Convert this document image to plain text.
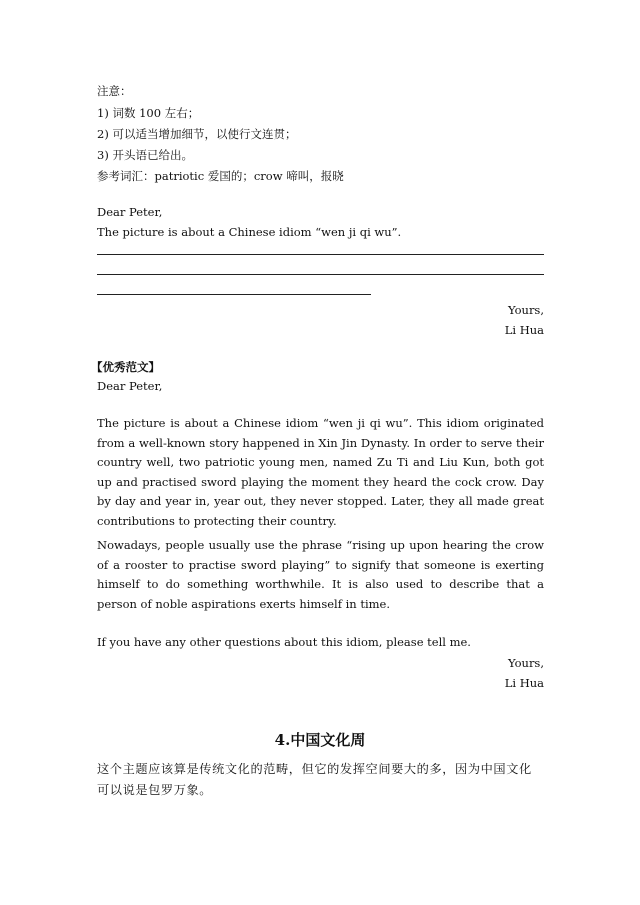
注意：
1) 词数 100 左右；
2) 可以适当增加细节，以使行文连贯；
3) 开头语已给出。
参考词汇：patriotic 爱国的；crow 啼叫，报晓
Dear Peter,
The picture is about a Chinese idiom “wen ji qi wu”.
Yours,
Li Hua
【优秀范文】
Dear Peter,
The picture is about a Chinese idiom “wen ji qi wu”. This idiom originated from a well-known story happened in Xin Jin Dynasty. In order to serve their country well, two patriotic young men, named Zu Ti and Liu Kun, both got up and practised sword playing the moment they heard the cock crow. Day by day and year in, year out, they never stopped. Later, they all made great contributions to protecting their country.
Nowadays, people usually use the phrase “rising up upon hearing the crow of a rooster to practise sword playing” to signify that someone is exerting himself to do something worthwhile. It is also used to describe that a person of noble aspirations exerts himself in time.
If you have any other questions about this idiom, please tell me.
Yours,
Li Hua
4.中国文化周
这个主题应该算是传统文化的范畴，但它的发挥空间要大的多，因为中国文化可以说是包罗万象。
